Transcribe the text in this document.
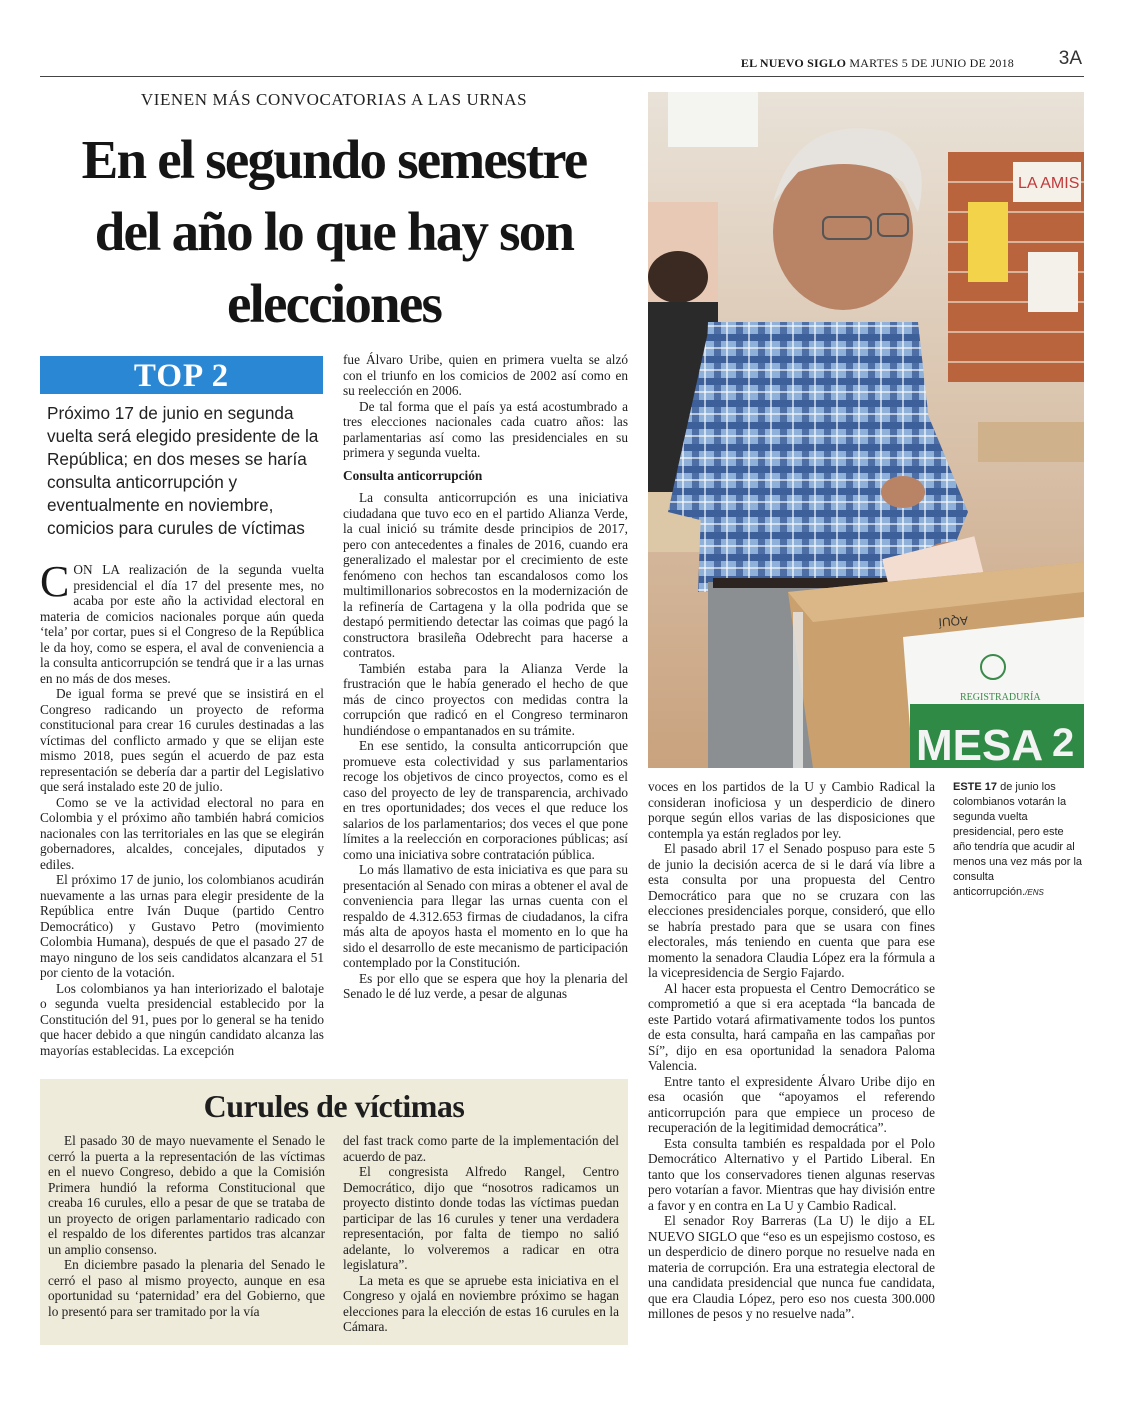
EL NUEVO SIGLO MARTES 5 DE JUNIO DE 2018 3A
VIENEN MÁS CONVOCATORIAS A LAS URNAS
En el segundo semestre
del año lo que hay son
elecciones
TOP 2
Próximo 17 de junio en segunda vuelta será elegido presidente de la República; en dos meses se haría consulta anticorrupción y eventualmente en noviembre, comicios para curules de víctimas

CON LA realización de la segunda vuelta presidencial el día 17 del presente mes, no acaba por este año la actividad electoral en materia de comicios nacionales porque aún queda ‘tela’ por cortar, pues si el Congreso de la República le da hoy, como se espera, el aval de conveniencia a la consulta anticorrupción se tendrá que ir a las urnas en no más de dos meses.

De igual forma se prevé que se insistirá en el Congreso radicando un proyecto de reforma constitucional para crear 16 curules destinadas a las víctimas del conflicto armado y que se elijan este mismo 2018, pues según el acuerdo de paz esta representación se debería dar a partir del Legislativo que será instalado este 20 de julio.

Como se ve la actividad electoral no para en Colombia y el próximo año también habrá comicios nacionales con las territoriales en las que se elegirán gobernadores, alcaldes, concejales, diputados y ediles.

El próximo 17 de junio, los colombianos acudirán nuevamente a las urnas para elegir presidente de la República entre Iván Duque (partido Centro Democrático) y Gustavo Petro (movimiento Colombia Humana), después de que el pasado 27 de mayo ninguno de los seis candidatos alcanzara el 51 por ciento de la votación.

Los colombianos ya han interiorizado el balotaje o segunda vuelta presidencial establecido por la Constitución del 91, pues por lo general se ha tenido que hacer debido a que ningún candidato alcanza las mayorías establecidas. La excepción

fue Álvaro Uribe, quien en primera vuelta se alzó con el triunfo en los comicios de 2002 así como en su reelección en 2006.

De tal forma que el país ya está acostumbrado a tres elecciones nacionales cada cuatro años: las parlamentarias así como las presidenciales en su primera y segunda vuelta.

Consulta anticorrupción

La consulta anticorrupción es una iniciativa ciudadana que tuvo eco en el partido Alianza Verde, la cual inició su trámite desde principios de 2017, pero con antecedentes a finales de 2016, cuando era generalizado el malestar por el crecimiento de este fenómeno con hechos tan escandalosos como los multimillonarios sobrecostos en la modernización de la refinería de Cartagena y la olla podrida que se destapó permitiendo detectar las coimas que pagó la constructora brasileña Odebrecht para hacerse a contratos.

También estaba para la Alianza Verde la frustración que le había generado el hecho de que más de cinco proyectos con medidas contra la corrupción que radicó en el Congreso terminaron hundiéndose o empantanados en su trámite.

En ese sentido, la consulta anticorrupción que promueve esta colectividad y sus parlamentarios recoge los objetivos de cinco proyectos, como es el caso del proyecto de ley de transparencia, archivado en tres oportunidades; dos veces el que reduce los salarios de los parlamentarios; dos veces el que pone límites a la reelección en corporaciones públicas; así como una iniciativa sobre contratación pública.

Lo más llamativo de esta iniciativa es que para su presentación al Senado con miras a obtener el aval de conveniencia para llegar las urnas cuenta con el respaldo de 4.312.653 firmas de ciudadanos, la cifra más alta de apoyos hasta el momento en lo que ha sido el desarrollo de este mecanismo de participación contemplado por la Constitución.

Es por ello que se espera que hoy la plenaria del Senado le dé luz verde, a pesar de algunas

LA AMIS
AQUÍ
REGISTRADURÍA
MESA 2
ESTE 17 de junio los colombianos votarán la segunda vuelta presidencial, pero este año tendría que acudir al menos una vez más por la consulta anticorrupción./ENS

voces en los partidos de la U y Cambio Radical la consideran inoficiosa y un desperdicio de dinero porque según ellos varias de las disposiciones que contempla ya están reglados por ley.

El pasado abril 17 el Senado pospuso para este 5 de junio la decisión acerca de si le dará vía libre a esta consulta por una propuesta del Centro Democrático para que no se cruzara con las elecciones presidenciales porque, consideró, que ello se habría prestado para que se usara con fines electorales, más teniendo en cuenta que para ese momento la senadora Claudia López era la fórmula a la vicepresidencia de Sergio Fajardo.

Al hacer esta propuesta el Centro Democrático se comprometió a que si era aceptada “la bancada de este Partido votará afirmativamente todos los puntos de esta consulta, hará campaña en las campañas por Sí”, dijo en esa oportunidad la senadora Paloma Valencia.

Entre tanto el expresidente Álvaro Uribe dijo en esa ocasión que “apoyamos el referendo anticorrupción para que empiece un proceso de recuperación de la legitimidad democrática”.

Esta consulta también es respaldada por el Polo Democrático Alternativo y el Partido Liberal. En tanto que los conservadores tienen algunas reservas pero votarían a favor. Mientras que hay división entre a favor y en contra en La U y Cambio Radical.

El senador Roy Barreras (La U) le dijo a EL NUEVO SIGLO que “eso es un espejismo costoso, es un desperdicio de dinero porque no resuelve nada en materia de corrupción. Era una estrategia electoral de una candidata presidencial que nunca fue candidata, que era Claudia López, pero eso nos cuesta 300.000 millones de pesos y no resuelve nada”.

Curules de víctimas

El pasado 30 de mayo nuevamente el Senado le cerró la puerta a la representación de las víctimas en el nuevo Congreso, debido a que la Comisión Primera hundió la reforma Constitucional que creaba 16 curules, ello a pesar de que se trataba de un proyecto de origen parlamentario radicado con el respaldo de los diferentes partidos tras alcanzar un amplio consenso.

En diciembre pasado la plenaria del Senado le cerró el paso al mismo proyecto, aunque en esa oportunidad su ‘paternidad’ era del Gobierno, que lo presentó para ser tramitado por la vía

del fast track como parte de la implementación del acuerdo de paz.

El congresista Alfredo Rangel, Centro Democrático, dijo que “nosotros radicamos un proyecto distinto donde todas las víctimas puedan participar de las 16 curules y tener una verdadera representación, por falta de tiempo no salió adelante, lo volveremos a radicar en otra legislatura”.

La meta es que se apruebe esta iniciativa en el Congreso y ojalá en noviembre próximo se hagan elecciones para la elección de estas 16 curules en la Cámara.
